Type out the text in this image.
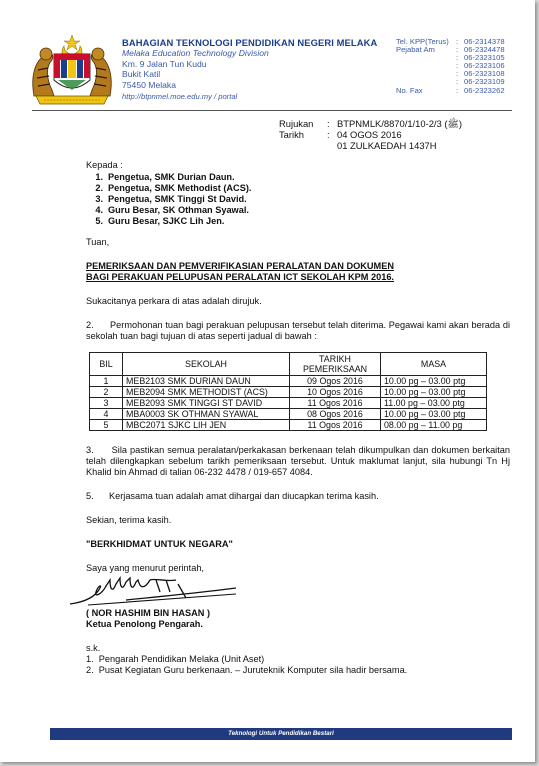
BAHAGIAN TEKNOLOGI PENDIDIKAN NEGERI MELAKA
Melaka Education Technology Division
Km. 9 Jalan Tun Kudu
Bukit Katil
75450 Melaka
http://btpnmel.moe.edu.my / portal
Tel. KPP(Terus) : 06-2314378
Pejabat Am	: 06-2324478
: 06-2323105
: 06-2323106
: 06-2323108
: 06-2323109
No. Fax	: 06-2323262
Rujukan	: BTPNMLK/8870/1/10-2/3 (ﷺ)
Tarikh	: 04 OGOS 2016
01 ZULKAEDAH 1437H
Kepada :
1. Pengetua, SMK Durian Daun.
2. Pengetua, SMK Methodist (ACS).
3. Pengetua, SMK Tinggi St David.
4. Guru Besar, SK Othman Syawal.
5. Guru Besar, SJKC Lih Jen.
Tuan,
PEMERIKSAAN DAN PEMVERIFIKASIAN PERALATAN DAN DOKUMEN
BAGI PERAKUAN PELUPUSAN PERALATAN ICT SEKOLAH KPM 2016.
Sukacitanya perkara di atas adalah dirujuk.
2.      Permohonan tuan bagi perakuan pelupusan tersebut telah diterima. Pegawai kami akan berada di sekolah tuan bagi tujuan di atas seperti jadual di bawah :
BIL	SEKOLAH	TARIKH PEMERIKSAAN	MASA
1	MEB2103 SMK DURIAN DAUN	09 Ogos 2016	10.00 pg – 03.00 ptg
2	MEB2094 SMK METHODIST (ACS)	10 Ogos 2016	10.00 pg – 03.00 ptg
3	MEB2093 SMK TINGGI ST DAVID	11 Ogos 2016	11.00 pg – 03.00 ptg
4	MBA0003 SK OTHMAN SYAWAL	08 Ogos 2016	10.00 pg – 03.00 ptg
5	MBC2071 SJKC LIH JEN	11 Ogos 2016	08.00 pg – 11.00 pg
3.      Sila pastikan semua peralatan/perkakasan berkenaan telah dikumpulkan dan dokumen berkaitan telah dilengkapkan sebelum tarikh pemeriksaan tersebut. Untuk maklumat lanjut, sila hubungi Tn Hj Khalid bin Ahmad di talian 06-232 4478 / 019-657 4084.
5.      Kerjasama tuan adalah amat dihargai dan diucapkan terima kasih.
Sekian, terima kasih.
"BERKHIDMAT UNTUK NEGARA"
Saya yang menurut perintah,
( NOR HASHIM BIN HASAN )
Ketua Penolong Pengarah.
s.k.
1.  Pengarah Pendidikan Melaka (Unit Aset)
2.  Pusat Kegiatan Guru berkenaan. – Juruteknik Komputer sila hadir bersama.
Teknologi Untuk Pendidikan Bestari
